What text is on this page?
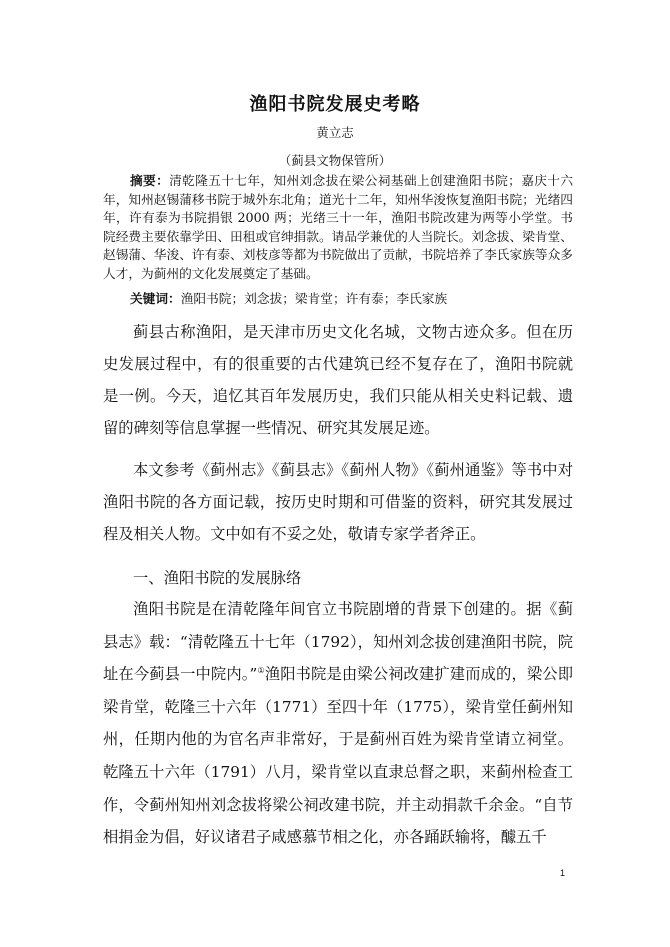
渔阳书院发展史考略
黄立志
（蓟县文物保管所）

摘要：清乾隆五十七年，知州刘念拔在梁公祠基础上创建渔阳书院；嘉庆十六年，知州赵锡蒲移书院于城外东北角；道光十二年，知州华浚恢复渔阳书院；光绪四年，许有泰为书院捐银 2000 两；光绪三十一年，渔阳书院改建为两等小学堂。书院经费主要依靠学田、田租或官绅捐款。请品学兼优的人当院长。刘念拔、梁肯堂、赵锡蒲、华浚、许有泰、刘枝彦等都为书院做出了贡献，书院培养了李氏家族等众多人才，为蓟州的文化发展奠定了基础。

关键词：渔阳书院；刘念拔；梁肯堂；许有泰；李氏家族

蓟县古称渔阳，是天津市历史文化名城，文物古迹众多。但在历史发展过程中，有的很重要的古代建筑已经不复存在了，渔阳书院就是一例。今天，追忆其百年发展历史，我们只能从相关史料记载、遗留的碑刻等信息掌握一些情况、研究其发展足迹。

本文参考《蓟州志》《蓟县志》《蓟州人物》《蓟州通鉴》等书中对渔阳书院的各方面记载，按历史时期和可借鉴的资料，研究其发展过程及相关人物。文中如有不妥之处，敬请专家学者斧正。

一、渔阳书院的发展脉络

渔阳书院是在清乾隆年间官立书院剧增的背景下创建的。据《蓟县志》载：“清乾隆五十七年（1792），知州刘念拔创建渔阳书院，院址在今蓟县一中院内。”①渔阳书院是由梁公祠改建扩建而成的，梁公即梁肯堂，乾隆三十六年（1771）至四十年（1775），梁肯堂任蓟州知州，任期内他的为官名声非常好，于是蓟州百姓为梁肯堂请立祠堂。乾隆五十六年（1791）八月，梁肯堂以直隶总督之职，来蓟州检查工作，令蓟州知州刘念拔将梁公祠改建书院，并主动捐款千余金。“自节相捐金为倡，好议诸君子咸感慕节相之化，亦各踊跃输将，醵五千

1
